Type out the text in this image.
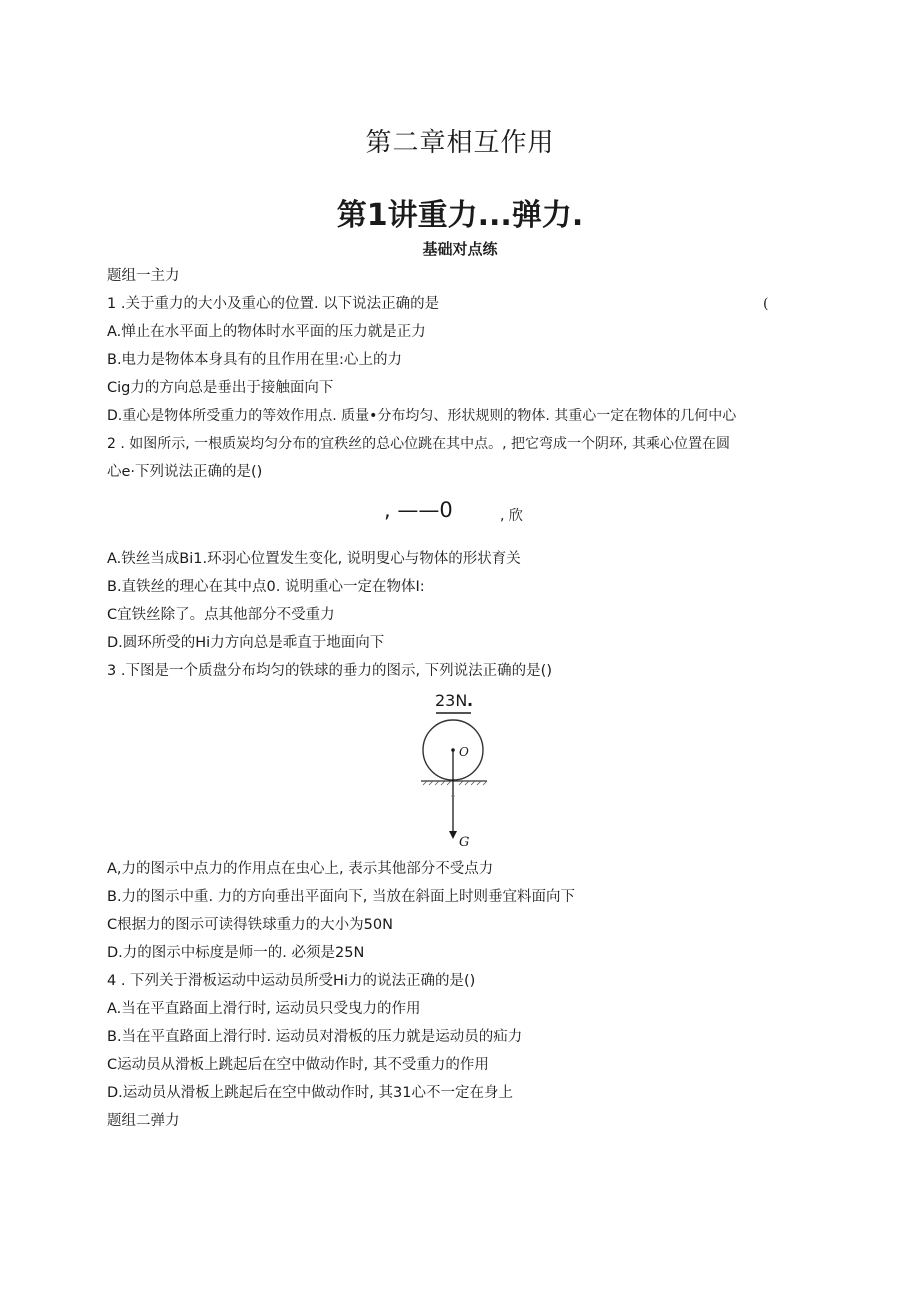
第二章相互作用
第1讲重力...弹力.
基础对点练
题组一主力
1 .关于重力的大小及重心的位置. 以下说法正确的是	(
A.惮止在水平面上的物体时水平面的压力就是正力
B.电力是物体本身具有的且作用在里:心上的力
Cig力的方向总是垂出于接触面向下
D.重心是物体所受重力的等效作用点. 质量•分布均匀、形状规则的物体. 其重心一定在物体的几何中心
2 . 如图所示, 一根质炭均匀分布的宜秩丝的总心位跳在其中点。, 把它弯成一个阴环, 其乘心位置在圆
心e·下列说法正确的是()
, ——0	, 欣
A.铁丝当成Bi1.环羽心位置发生变化, 说明叟心与物体的形状育关
B.直铁丝的理心在其中点0. 说明重心一定在物体I:
C宜铁丝除了。点其他部分不受重力
D.圆环所受的Hi力方向总是乖直于地面向下
3 .下图是一个质盘分布均匀的铁球的垂力的图示, 下列说法正确的是()
23N .
O
G
A,力的图示中点力的作用点在虫心上, 表示其他部分不受点力
B.力的图示中重. 力的方向垂出平面向下, 当放在斜面上时则垂宜料面向下
C根据力的图示可读得铁球重力的大小为50N
D.力的图示中标度是师一的. 必须是25N
4 . 下列关于滑板运动中运动员所受Hi力的说法正确的是()
A.当在平直路面上滑行时, 运动员只受曳力的作用
B.当在平直路面上滑行时. 运动员对滑板的压力就是运动员的疝力
C运动员从滑板上跳起后在空中做动作时, 其不受重力的作用
D.运动员从滑板上跳起后在空中做动作时, 其31心不一定在身上
题组二弹力
